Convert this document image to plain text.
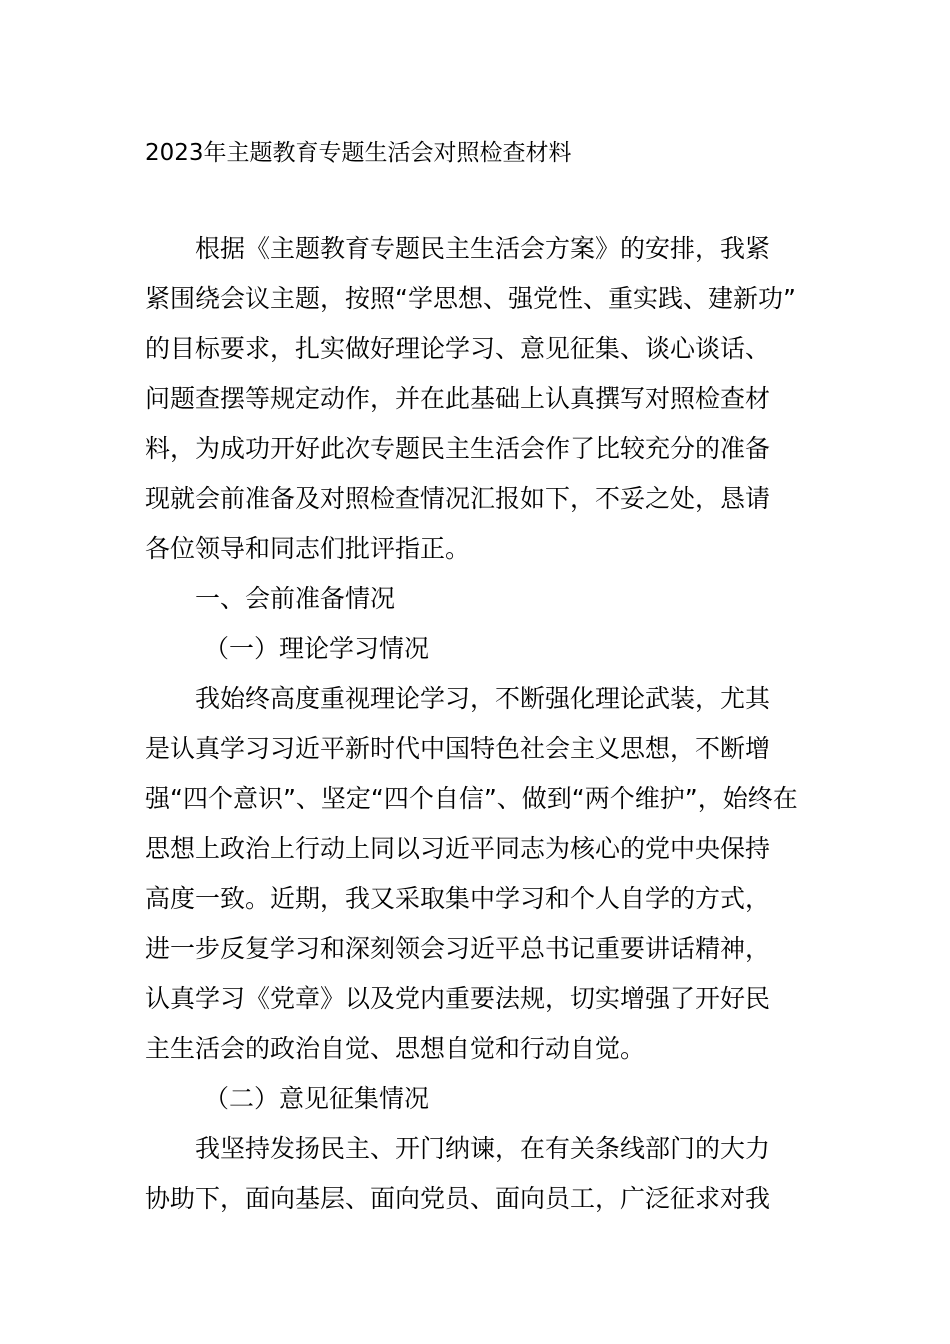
2023年主题教育专题生活会对照检查材料

根据《主题教育专题民主生活会方案》的安排，我紧

紧围绕会议主题，按照“学思想、强党性、重实践、建新功”

的目标要求，扎实做好理论学习、意见征集、谈心谈话、

问题查摆等规定动作，并在此基础上认真撰写对照检查材

料，为成功开好此次专题民主生活会作了比较充分的准备

现就会前准备及对照检查情况汇报如下，不妥之处，恳请

各位领导和同志们批评指正。

一、会前准备情况

（一）理论学习情况

我始终高度重视理论学习，不断强化理论武装，尤其

是认真学习习近平新时代中国特色社会主义思想，不断增

强“四个意识”、坚定“四个自信”、做到“两个维护”，始终在

思想上政治上行动上同以习近平同志为核心的党中央保持

高度一致。近期，我又采取集中学习和个人自学的方式，

进一步反复学习和深刻领会习近平总书记重要讲话精神，

认真学习《党章》以及党内重要法规，切实增强了开好民

主生活会的政治自觉、思想自觉和行动自觉。

（二）意见征集情况

我坚持发扬民主、开门纳谏，在有关条线部门的大力

协助下，面向基层、面向党员、面向员工，广泛征求对我
